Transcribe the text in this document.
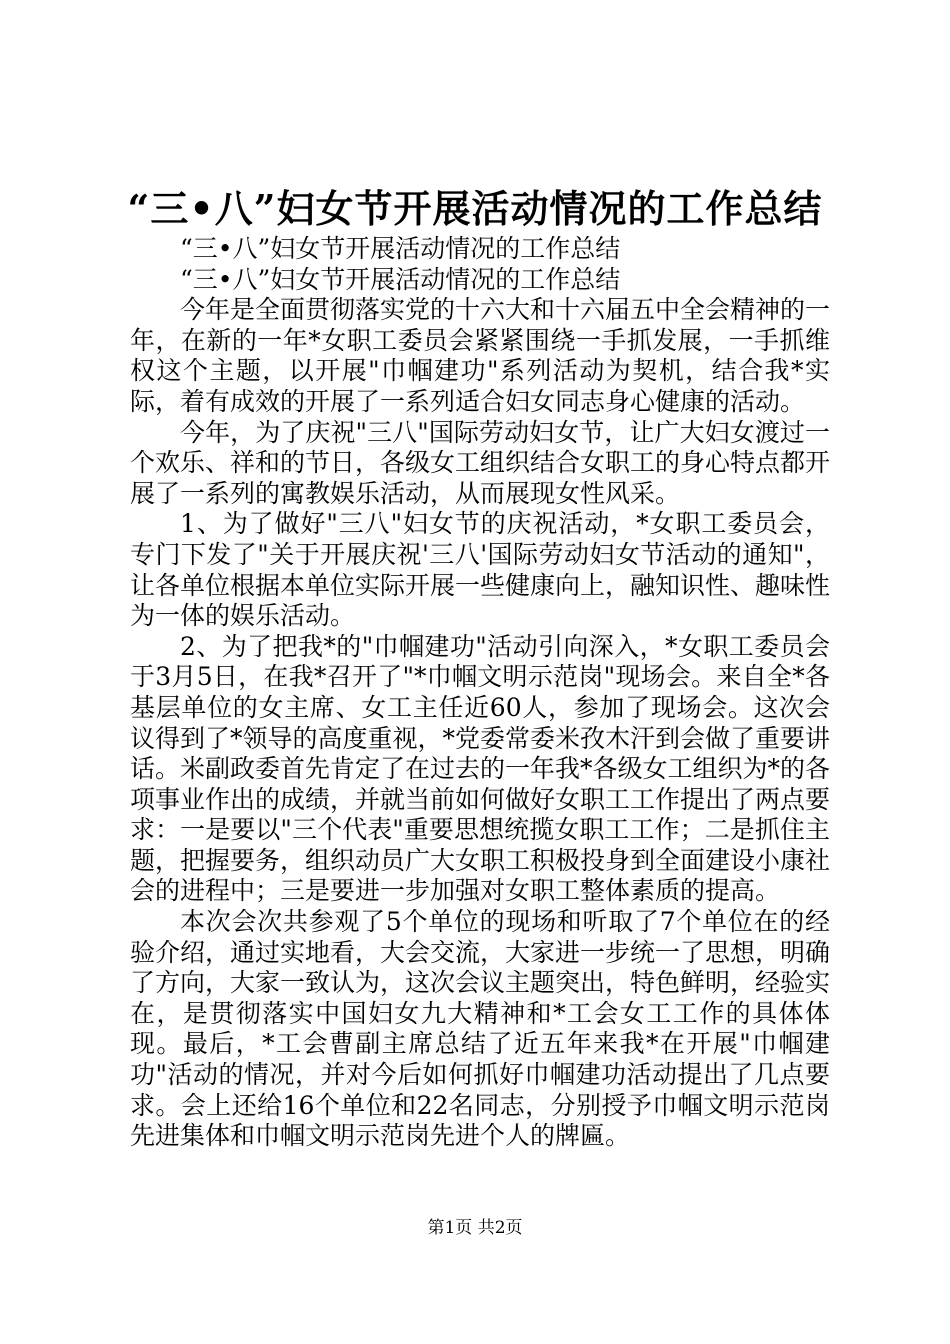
“三•八”妇女节开展活动情况的工作总结

“三•八”妇女节开展活动情况的工作总结

“三•八”妇女节开展活动情况的工作总结

今年是全面贯彻落实党的十六大和十六届五中全会精神的一年，在新的一年*女职工委员会紧紧围绕一手抓发展，一手抓维权这个主题，以开展"巾帼建功"系列活动为契机，结合我*实际，着有成效的开展了一系列适合妇女同志身心健康的活动。

今年，为了庆祝"三八"国际劳动妇女节，让广大妇女渡过一个欢乐、祥和的节日，各级女工组织结合女职工的身心特点都开展了一系列的寓教娱乐活动，从而展现女性风采。

1、为了做好"三八"妇女节的庆祝活动，*女职工委员会，专门下发了"关于开展庆祝'三八'国际劳动妇女节活动的通知"，让各单位根据本单位实际开展一些健康向上，融知识性、趣味性为一体的娱乐活动。

2、为了把我*的"巾帼建功"活动引向深入，*女职工委员会于3月5日，在我*召开了"*巾帼文明示范岗"现场会。来自全*各基层单位的女主席、女工主任近60人，参加了现场会。这次会议得到了*领导的高度重视，*党委常委米孜木汗到会做了重要讲话。米副政委首先肯定了在过去的一年我*各级女工组织为*的各项事业作出的成绩，并就当前如何做好女职工工作提出了两点要求：一是要以"三个代表"重要思想统揽女职工工作；二是抓住主题，把握要务，组织动员广大女职工积极投身到全面建设小康社会的进程中；三是要进一步加强对女职工整体素质的提高。

本次会次共参观了5个单位的现场和听取了7个单位在的经验介绍，通过实地看，大会交流，大家进一步统一了思想，明确了方向，大家一致认为，这次会议主题突出，特色鲜明，经验实在，是贯彻落实中国妇女九大精神和*工会女工工作的具体体现。最后，*工会曹副主席总结了近五年来我*在开展"巾帼建功"活动的情况，并对今后如何抓好巾帼建功活动提出了几点要求。会上还给16个单位和22名同志，分别授予巾帼文明示范岗先进集体和巾帼文明示范岗先进个人的牌匾。

第1页 共2页
